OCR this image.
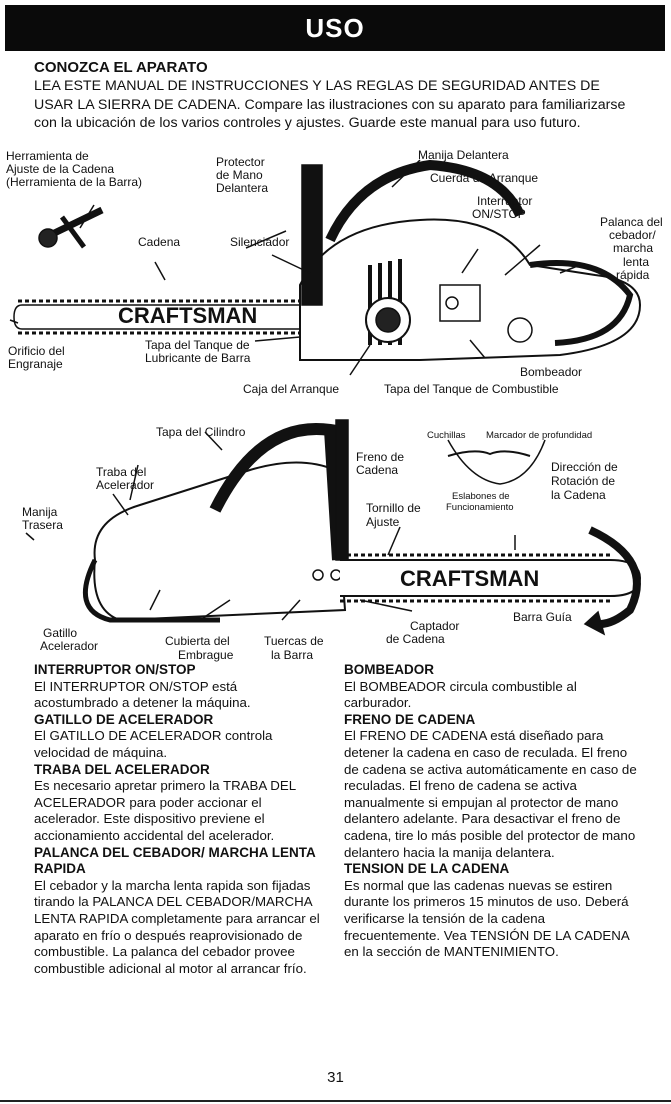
USO
CONOZCA EL APARATO
LEA ESTE MANUAL DE INSTRUCCIONES Y LAS REGLAS DE SEGURIDAD ANTES DE USAR LA SIERRA DE CADENA. Compare las ilustraciones con su aparato para familiarizarse con la ubicación de los varios controles y ajustes. Guarde este manual para uso futuro.
CRAFTSMAN
Herramienta de
Ajuste de la Cadena
(Herramienta de la Barra)
Protector
de Mano
Delantera
Manija Delantera
Cuerda de Arranque
Interruptor
ON/STOP
Palanca del
cebador/
marcha
lenta
rápida
Cadena	Silenciador
Orificio del
Engranaje
Tapa del Tanque de
Lubricante de Barra
Bombeador
Caja del Arranque	Tapa del Tanque de Combustible
CRAFTSMAN
Tapa del Cilindro	Cuchillas Marcador de profundidad
Freno de
Cadena	Dirección de
Rotación de
la Cadena
Traba del
Acelerador
Eslabones de
Funcionamiento
Tornillo de
Ajuste
Manija
Trasera
Gatillo
Acelerador	Cubierta del
Embrague
Tuercas de
la Barra
Captador
de Cadena
Barra Guía
INTERRUPTOR ON/STOP

El INTERRUPTOR ON/STOP está acostumbrado a detener la máquina.

GATILLO DE ACELERADOR

El GATILLO DE ACELERADOR controla velocidad de máquina.

TRABA DEL ACELERADOR

Es necesario apretar primero la TRABA DEL ACELERADOR para poder accionar el acelerador. Este dispositivo previene el accionamiento accidental del acelerador.

PALANCA DEL CEBADOR/ MARCHA LENTA RAPIDA

El cebador y la marcha lenta rapida son fijadas tirando la PALANCA DEL CEBADOR/MARCHA LENTA RAPIDA completamente para arrancar el aparato en frío o después reaprovisionado de combustible. La palanca del cebador provee combustible adicional al motor al arrancar frío.

BOMBEADOR

El BOMBEADOR circula combustible al carburador.

FRENO DE CADENA

El FRENO DE CADENA está diseñado para detener la cadena en caso de reculada. El freno de cadena se activa automáticamente en caso de reculadas. El freno de cadena se activa manualmente si empujan al protector de mano delantero adelante. Para desactivar el freno de cadena, tire lo más posible del protector de mano delantero hacia la manija delantera.

TENSION DE LA CADENA

Es normal que las cadenas nuevas se estiren durante los primeros 15 minutos de uso. Deberá verificarse la tensión de la cadena frecuentemente. Vea TENSIÓN DE LA CADENA en la sección de MANTENIMIENTO.

31
